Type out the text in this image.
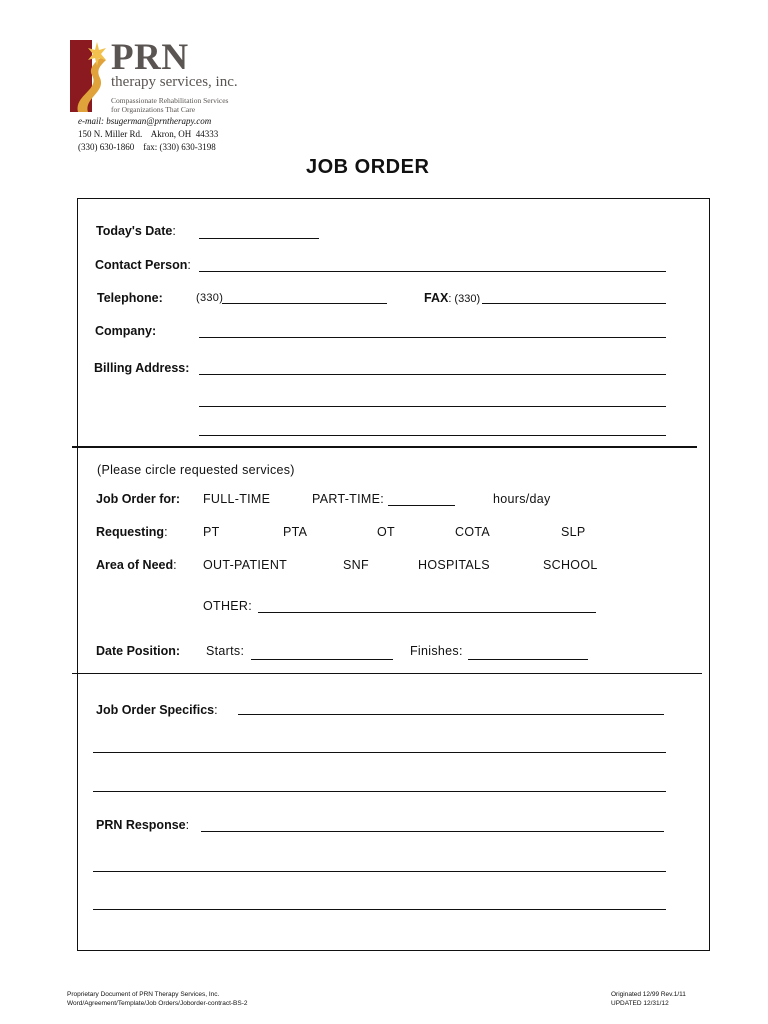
PRN
therapy services, inc.
Compassionate Rehabilitation Services
for Organizations That Care
e-mail: bsugerman@prntherapy.com
150 N. Miller Rd.    Akron, OH  44333
(330) 630-1860    fax: (330) 630-3198
JOB ORDER
Today's Date:
Contact Person:
Telephone:	(330)	FAX: (330)
Company:
Billing Address:
(Please circle requested services)
Job Order for: FULL-TIME	PART-TIME:	hours/day
Requesting:	PT	PTA	OT	COTA	SLP
Area of Need: OUT-PATIENT	SNF	HOSPITALS	SCHOOL
OTHER:
Date Position: Starts:	Finishes:
Job Order Specifics:
PRN Response:
Proprietary Document of PRN Therapy Services, Inc.
Word/Agreement/Template/Job Orders/Joborder-contract-BS-2
Originated 12/99 Rev.1/11
UPDATED 12/31/12
